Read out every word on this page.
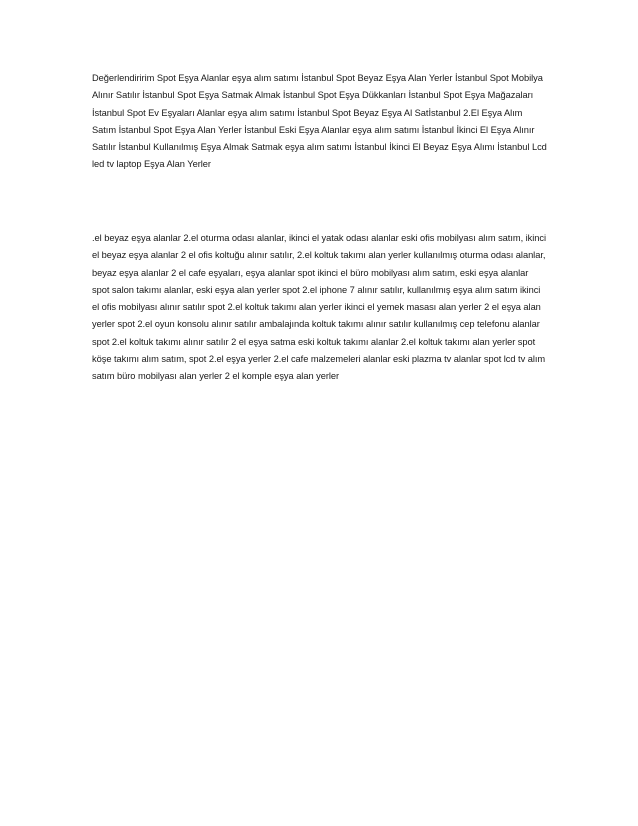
Değerlendiririm Spot Eşya Alanlar eşya alım satımı İstanbul Spot Beyaz Eşya Alan Yerler İstanbul Spot Mobilya Alınır Satılır İstanbul Spot Eşya Satmak Almak İstanbul Spot Eşya Dükkanları İstanbul Spot Eşya Mağazaları İstanbul Spot Ev Eşyaları Alanlar eşya alım satımı İstanbul Spot Beyaz Eşya Al Satİstanbul 2.El Eşya Alım Satım İstanbul Spot Eşya Alan Yerler İstanbul Eski Eşya Alanlar eşya alım satımı İstanbul İkinci El Eşya Alınır Satılır İstanbul Kullanılmış Eşya Almak Satmak eşya alım satımı İstanbul İkinci El Beyaz Eşya Alımı İstanbul Lcd led tv laptop Eşya Alan Yerler

.el beyaz eşya alanlar 2.el oturma odası alanlar, ikinci el yatak odası alanlar eski ofis mobilyası alım satım, ikinci el beyaz eşya alanlar 2 el ofis koltuğu alınır satılır, 2.el koltuk takımı alan yerler kullanılmış oturma odası alanlar, beyaz eşya alanlar 2 el cafe eşyaları, eşya alanlar spot ikinci el büro mobilyası alım satım, eski eşya alanlar spot salon takımı alanlar, eski eşya alan yerler spot 2.el iphone 7 alınır satılır, kullanılmış eşya alım satım ikinci el ofis mobilyası alınır satılır spot 2.el koltuk takımı alan yerler ikinci el yemek masası alan yerler 2 el eşya alan yerler spot 2.el oyun konsolu alınır satılır ambalajında koltuk takımı alınır satılır kullanılmış cep telefonu alanlar spot 2.el koltuk takımı alınır satılır 2 el eşya satma eski koltuk takımı alanlar 2.el koltuk takımı alan yerler spot köşe takımı alım satım, spot 2.el eşya yerler 2.el cafe malzemeleri alanlar eski plazma tv alanlar spot lcd tv alım satım büro mobilyası alan yerler 2 el komple eşya alan yerler
